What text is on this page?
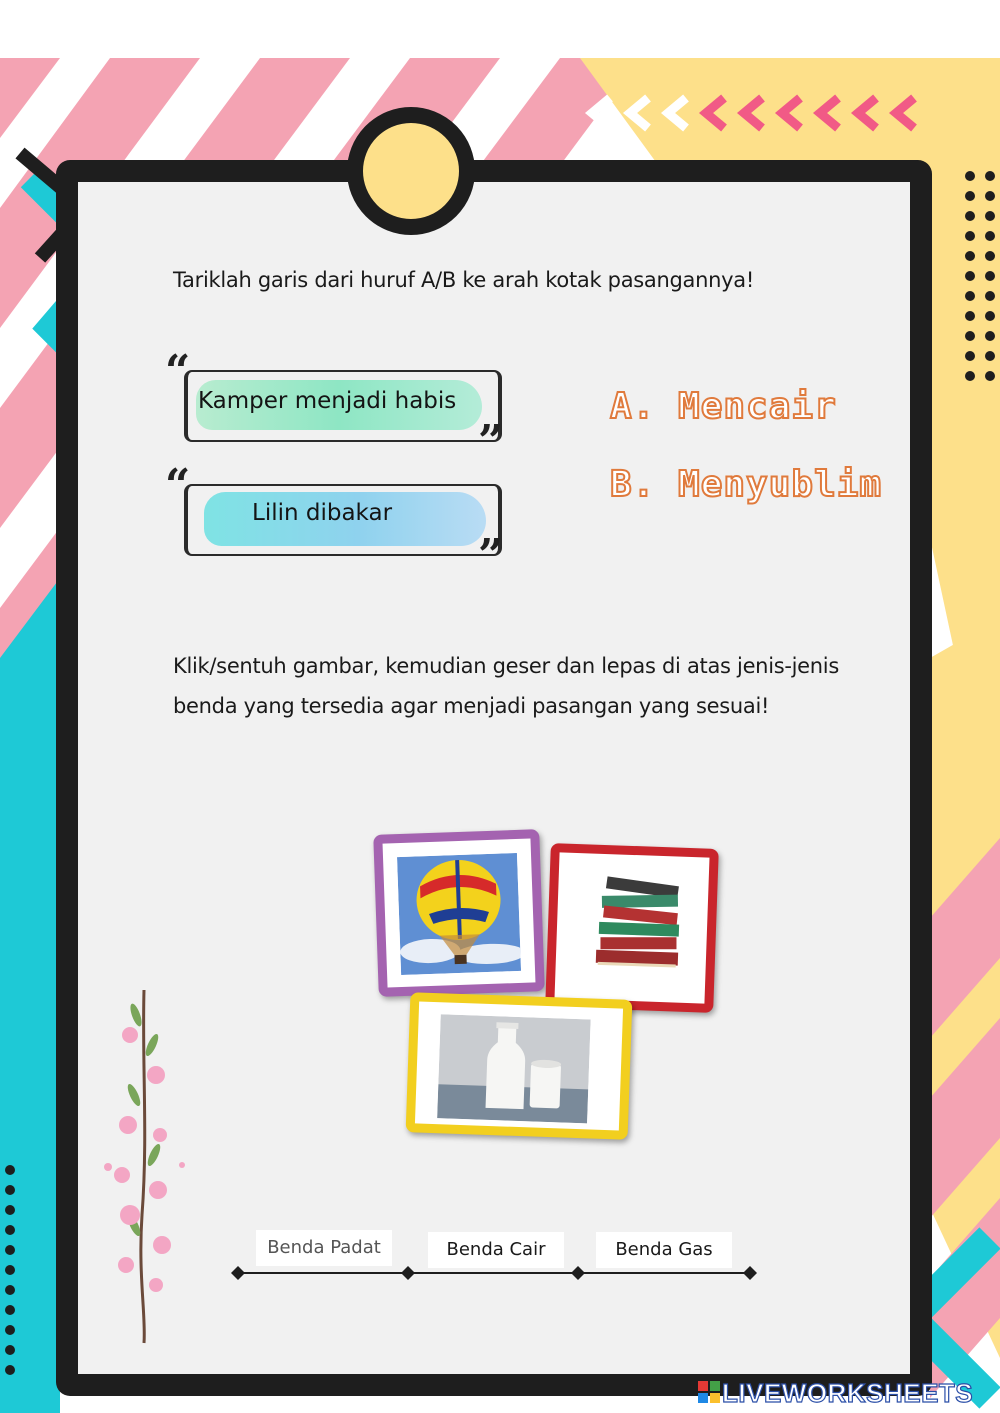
Tariklah garis dari huruf A/B ke arah kotak pasangannya!
“
Kamper menjadi habis
”
“
Lilin dibakar
”
A. Mencair
B. Menyublim
Klik/sentuh gambar, kemudian geser dan lepas di atas jenis-jenis benda yang tersedia agar menjadi pasangan yang sesuai!
Benda Padat	Benda Cair	Benda Gas
LIVEWORKSHEETS
